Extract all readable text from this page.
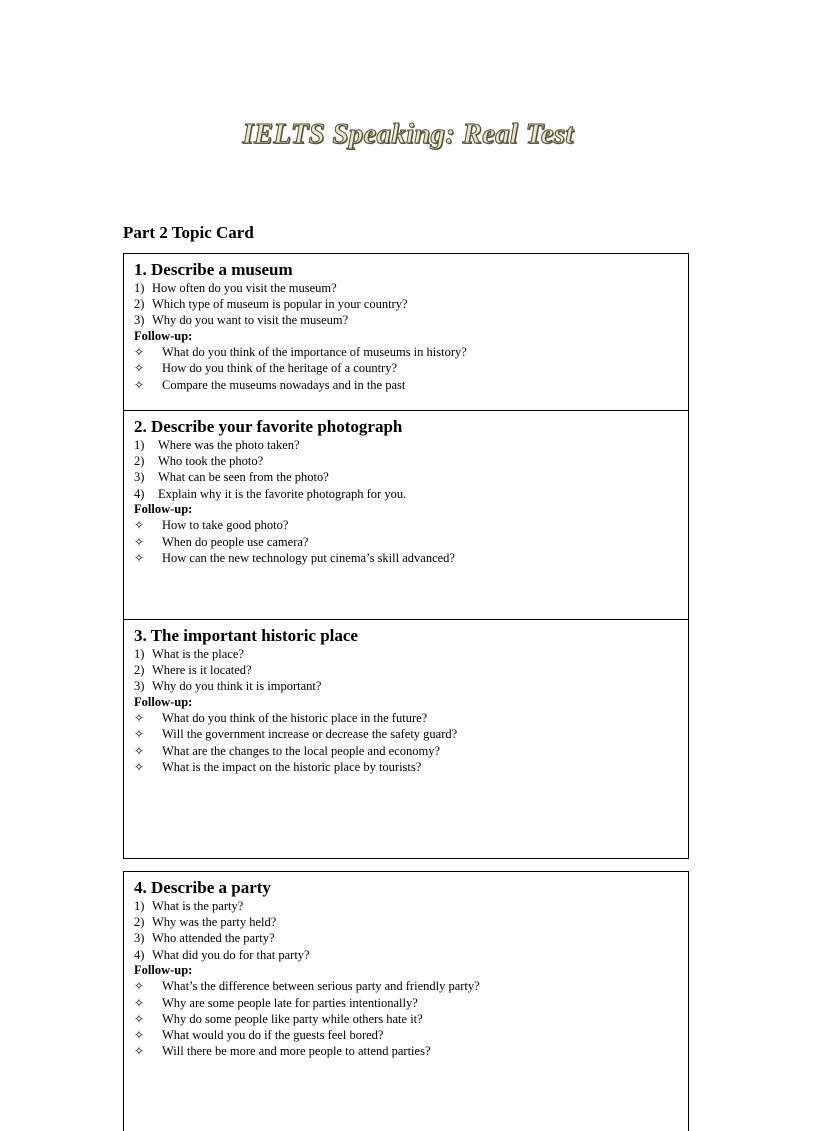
IELTS Speaking: Real Test
Part 2 Topic Card
1. Describe a museum
1) How often do you visit the museum?
2) Which type of museum is popular in your country?
3) Why do you want to visit the museum?
Follow-up:
✧ What do you think of the importance of museums in history?
✧ How do you think of the heritage of a country?
✧ Compare the museums nowadays and in the past
2. Describe your favorite photograph
1) Where was the photo taken?
2) Who took the photo?
3) What can be seen from the photo?
4) Explain why it is the favorite photograph for you.
Follow-up:
✧ How to take good photo?
✧ When do people use camera?
✧ How can the new technology put cinema’s skill advanced?
3. The important historic place
1) What is the place?
2) Where is it located?
3) Why do you think it is important?
Follow-up:
✧ What do you think of the historic place in the future?
✧ Will the government increase or decrease the safety guard?
✧ What are the changes to the local people and economy?
✧ What is the impact on the historic place by tourists?
4. Describe a party
1) What is the party?
2) Why was the party held?
3) Who attended the party?
4) What did you do for that party?
Follow-up:
✧ What’s the difference between serious party and friendly party?
✧ Why are some people late for parties intentionally?
✧ Why do some people like party while others hate it?
✧ What would you do if the guests feel bored?
✧ Will there be more and more people to attend parties?
